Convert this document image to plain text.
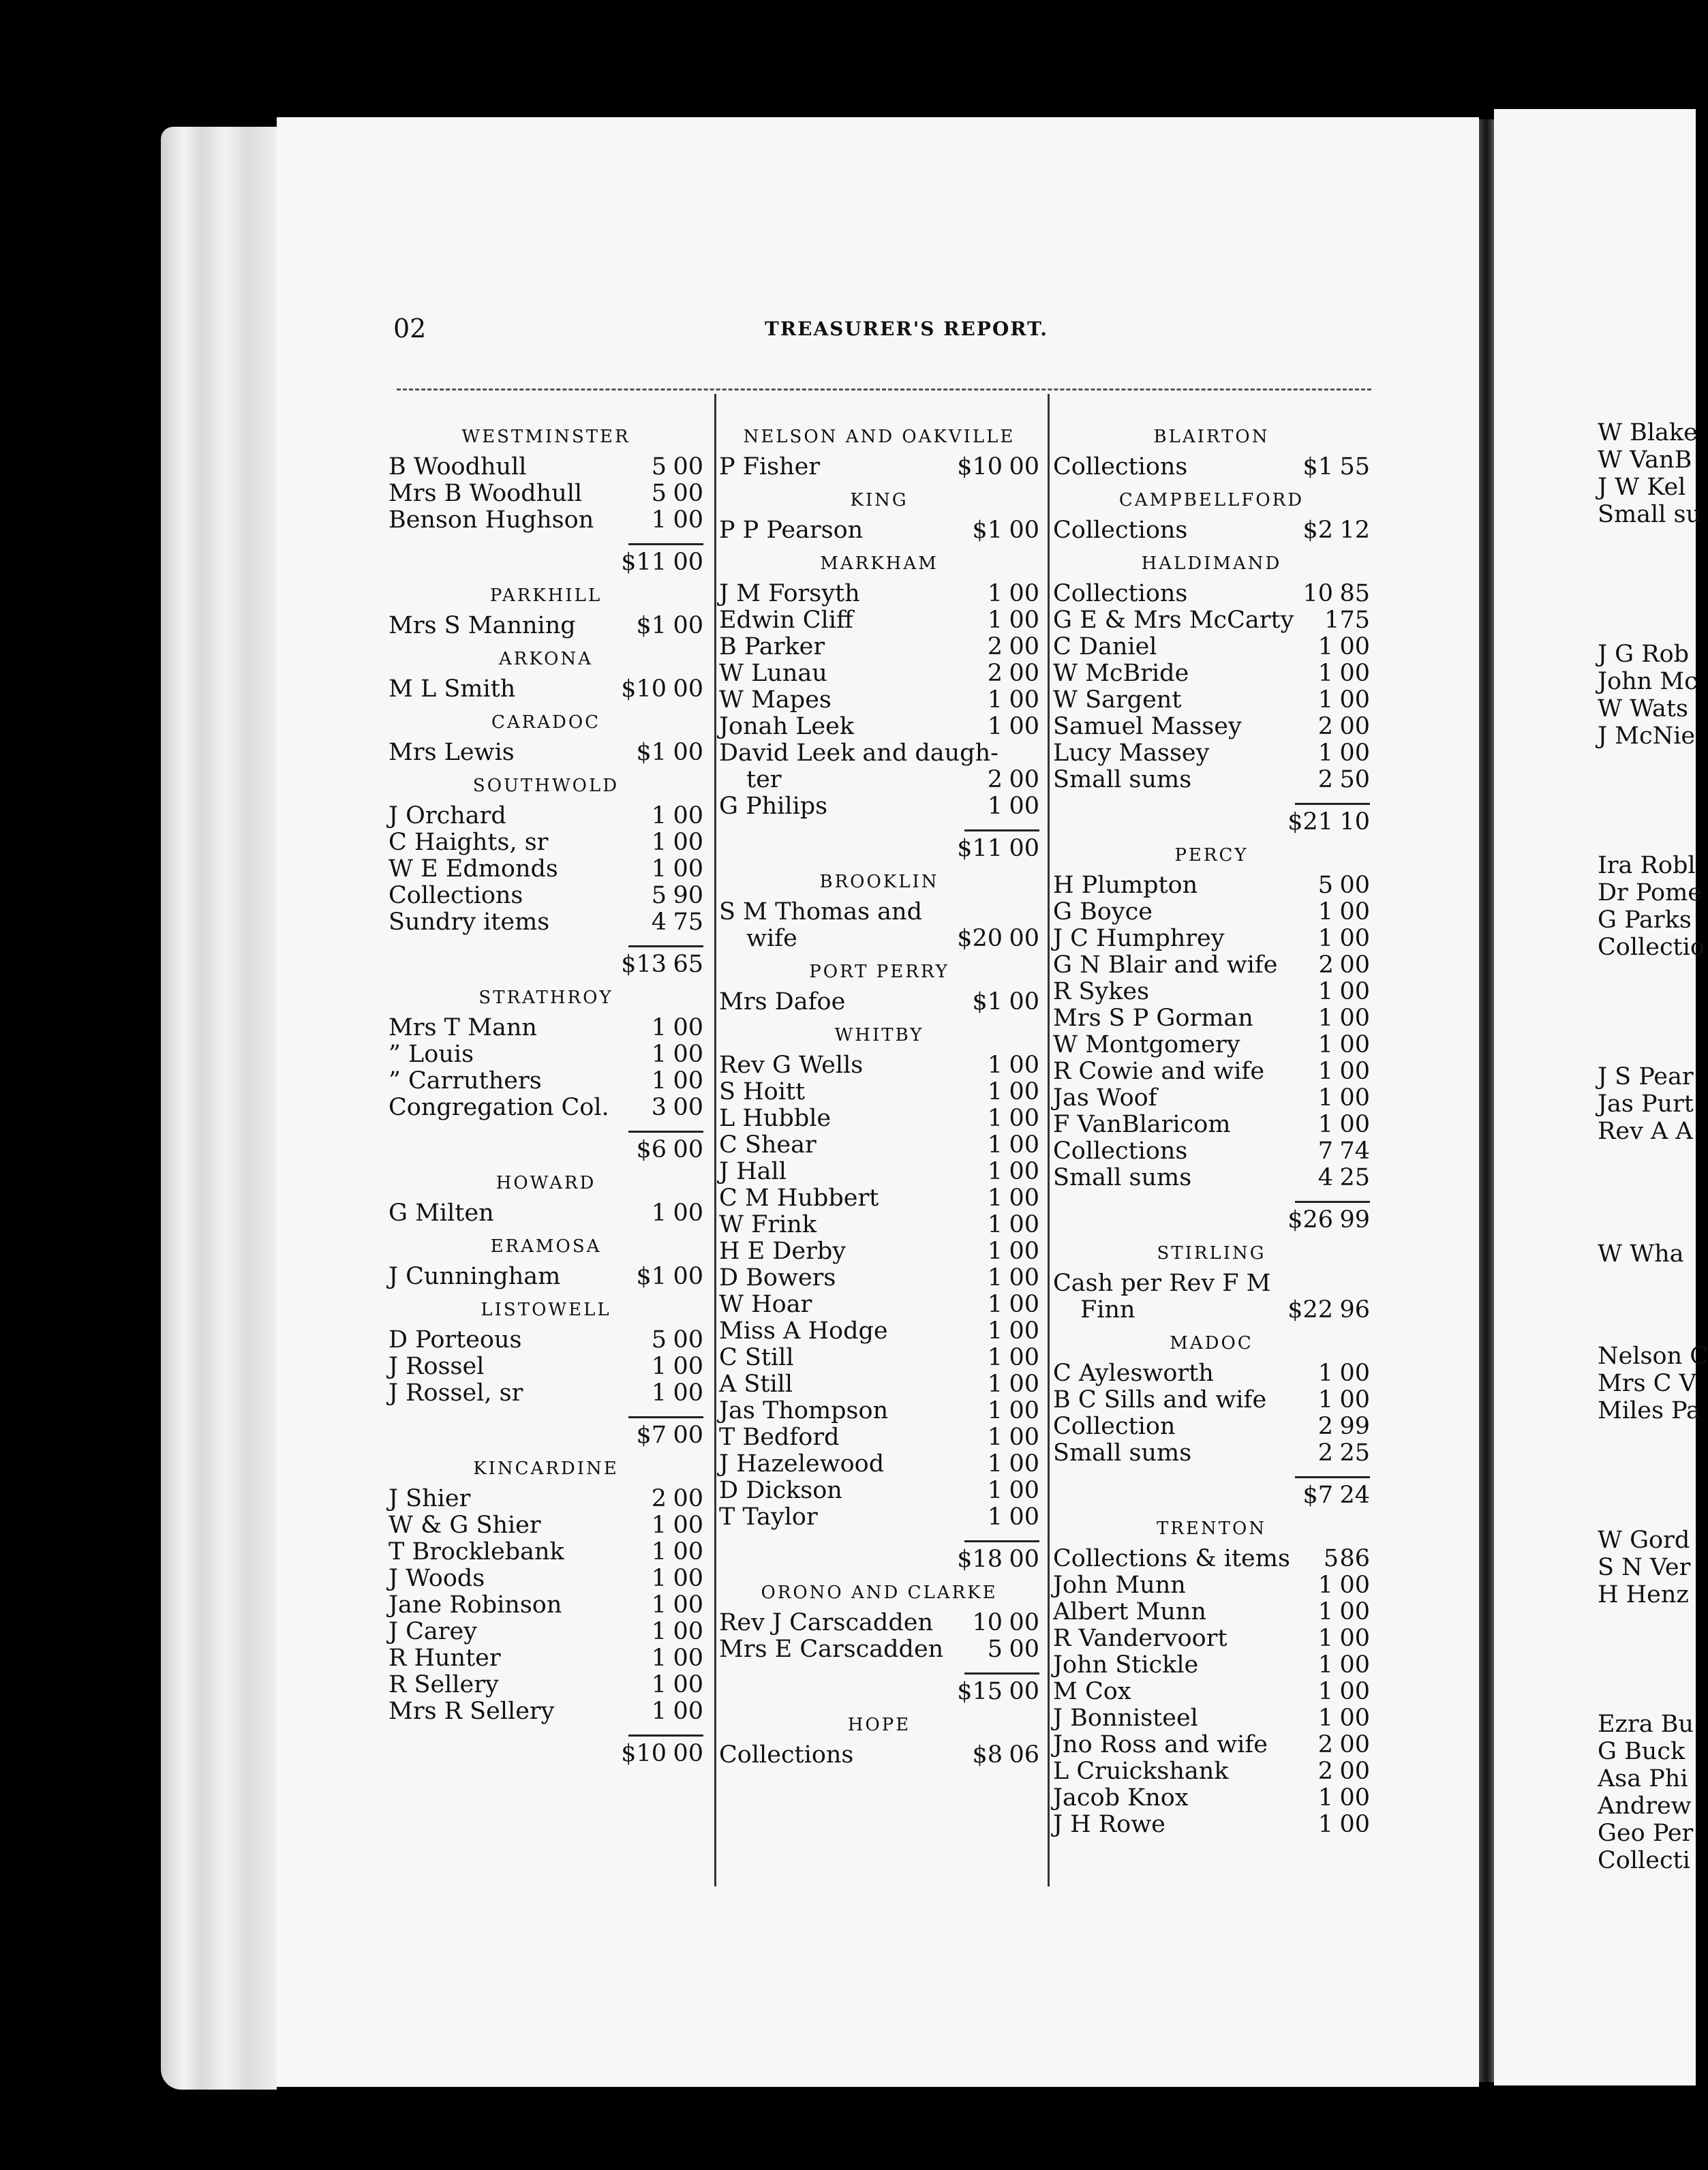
W Blake
W VanB
J W Kel
Small su
J G Rob
John Mc
W Wats
J McNie
Ira Robl
Dr Pome
G Parks
Collectio
J S Pear
Jas Purt
Rev A A
W Wha
Nelson C
Mrs C V
Miles Pa
W Gord
S N Ver
H Henz
Ezra Bu
G Buck
Asa Phi
Andrew
Geo Per
Collecti
02	TREASURER'S REPORT.
WESTMINSTER
B Woodhull	5 00
Mrs B Woodhull	5 00
Benson Hughson	1 00
$11 00
PARKHILL
Mrs S Manning	$1 00
ARKONA
M L Smith	$10 00
CARADOC
Mrs Lewis	$1 00
SOUTHWOLD
J Orchard	1 00
C Haights, sr	1 00
W E Edmonds	1 00
Collections	5 90
Sundry items	4 75
$13 65
STRATHROY
Mrs T Mann	1 00
” Louis	1 00
” Carruthers	1 00
Congregation Col.	3 00
$6 00
HOWARD
G Milten	1 00
ERAMOSA
J Cunningham	$1 00
LISTOWELL
D Porteous	5 00
J Rossel	1 00
J Rossel, sr	1 00
$7 00
KINCARDINE
J Shier	2 00
W & G Shier	1 00
T Brocklebank	1 00
J Woods	1 00
Jane Robinson	1 00
J Carey	1 00
R Hunter	1 00
R Sellery	1 00
Mrs R Sellery	1 00
$10 00
NELSON AND OAKVILLE
P Fisher	$10 00
KING
P P Pearson	$1 00
MARKHAM
J M Forsyth	1 00
Edwin Cliff	1 00
B Parker	2 00
W Lunau	2 00
W Mapes	1 00
Jonah Leek	1 00
David Leek and daugh-
ter	2 00
G Philips	1 00
$11 00
BROOKLIN
S M Thomas and
wife	$20 00
PORT PERRY
Mrs Dafoe	$1 00
WHITBY
Rev G Wells	1 00
S Hoitt	1 00
L Hubble	1 00
C Shear	1 00
J Hall	1 00
C M Hubbert	1 00
W Frink	1 00
H E Derby	1 00
D Bowers	1 00
W Hoar	1 00
Miss A Hodge	1 00
C Still	1 00
A Still	1 00
Jas Thompson	1 00
T Bedford	1 00
J Hazelewood	1 00
D Dickson	1 00
T Taylor	1 00
$18 00
ORONO AND CLARKE
Rev J Carscadden	10 00
Mrs E Carscadden	5 00
$15 00
HOPE
Collections	$8 06
BLAIRTON
Collections	$1 55
CAMPBELLFORD
Collections	$2 12
HALDIMAND
Collections	10 85
G E & Mrs McCarty	1 75
C Daniel	1 00
W McBride	1 00
W Sargent	1 00
Samuel Massey	2 00
Lucy Massey	1 00
Small sums	2 50
$21 10
PERCY
H Plumpton	5 00
G Boyce	1 00
J C Humphrey	1 00
G N Blair and wife	2 00
R Sykes	1 00
Mrs S P Gorman	1 00
W Montgomery	1 00
R Cowie and wife	1 00
Jas Woof	1 00
F VanBlaricom	1 00
Collections	7 74
Small sums	4 25
$26 99
STIRLING
Cash per Rev F M
Finn	$22 96
MADOC
C Aylesworth	1 00
B C Sills and wife	1 00
Collection	2 99
Small sums	2 25
$7 24
TRENTON
Collections & items	5 86
John Munn	1 00
Albert Munn	1 00
R Vandervoort	1 00
John Stickle	1 00
M Cox	1 00
J Bonnisteel	1 00
Jno Ross and wife	2 00
L Cruickshank	2 00
Jacob Knox	1 00
J H Rowe	1 00
